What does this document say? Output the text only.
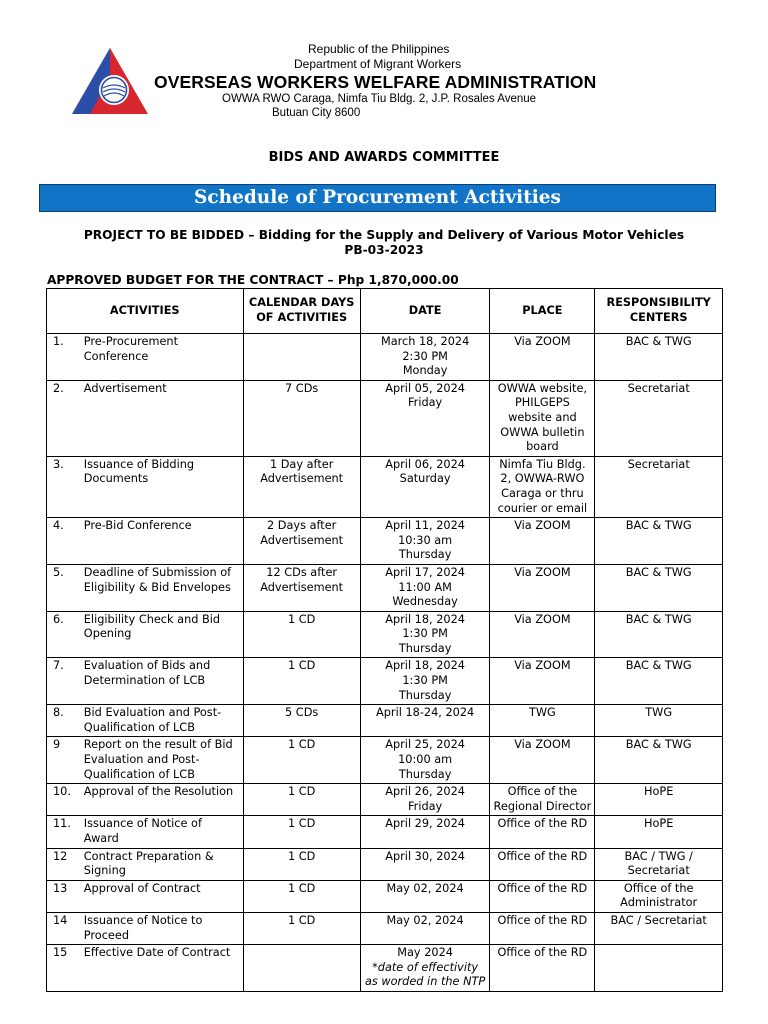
Republic of the Philippines
Department of Migrant Workers
OVERSEAS WORKERS WELFARE ADMINISTRATION
OWWA RWO Caraga, Nimfa Tiu Bldg. 2, J.P. Rosales Avenue
Butuan City 8600
BIDS AND AWARDS COMMITTEE
Schedule of Procurement Activities
PROJECT TO BE BIDDED – Bidding for the Supply and Delivery of Various Motor Vehicles
PB-03-2023
APPROVED BUDGET FOR THE CONTRACT – Php 1,870,000.00
ACTIVITIES		CALENDAR DAYS OF ACTIVITIES	DATE	PLACE	RESPONSIBILITY CENTERS
1.	Pre-Procurement Conference		March 18, 2024
2:30 PM
Monday	Via ZOOM	BAC & TWG
2.	Advertisement	7 CDs	April 05, 2024
Friday	OWWA website, PHILGEPS website and OWWA bulletin board	Secretariat
3.	Issuance of Bidding Documents	1 Day after Advertisement	April 06, 2024
Saturday	Nimfa Tiu Bldg. 2, OWWA-RWO Caraga or thru courier or email	Secretariat
4.	Pre-Bid Conference	2 Days after Advertisement	April 11, 2024
10:30 am
Thursday	Via ZOOM	BAC & TWG
5.	Deadline of Submission of Eligibility & Bid Envelopes	12 CDs after Advertisement	April 17, 2024
11:00 AM
Wednesday	Via ZOOM	BAC & TWG
6.	Eligibility Check and Bid Opening	1 CD	April 18, 2024
1:30 PM
Thursday	Via ZOOM	BAC & TWG
7.	Evaluation of Bids and Determination of LCB	1 CD	April 18, 2024
1:30 PM
Thursday	Via ZOOM	BAC & TWG
8.	Bid Evaluation and Post-Qualification of LCB	5 CDs	April 18-24, 2024	TWG	TWG
9	Report on the result of Bid Evaluation and Post-Qualification of LCB	1 CD	April 25, 2024
10:00 am
Thursday	Via ZOOM	BAC & TWG
10.	Approval of the Resolution	1 CD	April 26, 2024
Friday	Office of the Regional Director	HoPE
11.	Issuance of Notice of Award	1 CD	April 29, 2024	Office of the RD	HoPE
12	Contract Preparation & Signing	1 CD	April 30, 2024	Office of the RD	BAC / TWG / Secretariat
13	Approval of Contract	1 CD	May 02, 2024	Office of the RD	Office of the Administrator
14	Issuance of Notice to Proceed	1 CD	May 02, 2024	Office of the RD	BAC / Secretariat
15	Effective Date of Contract		May 2024
*date of effectivity
as worded in the NTP	Office of the RD	
